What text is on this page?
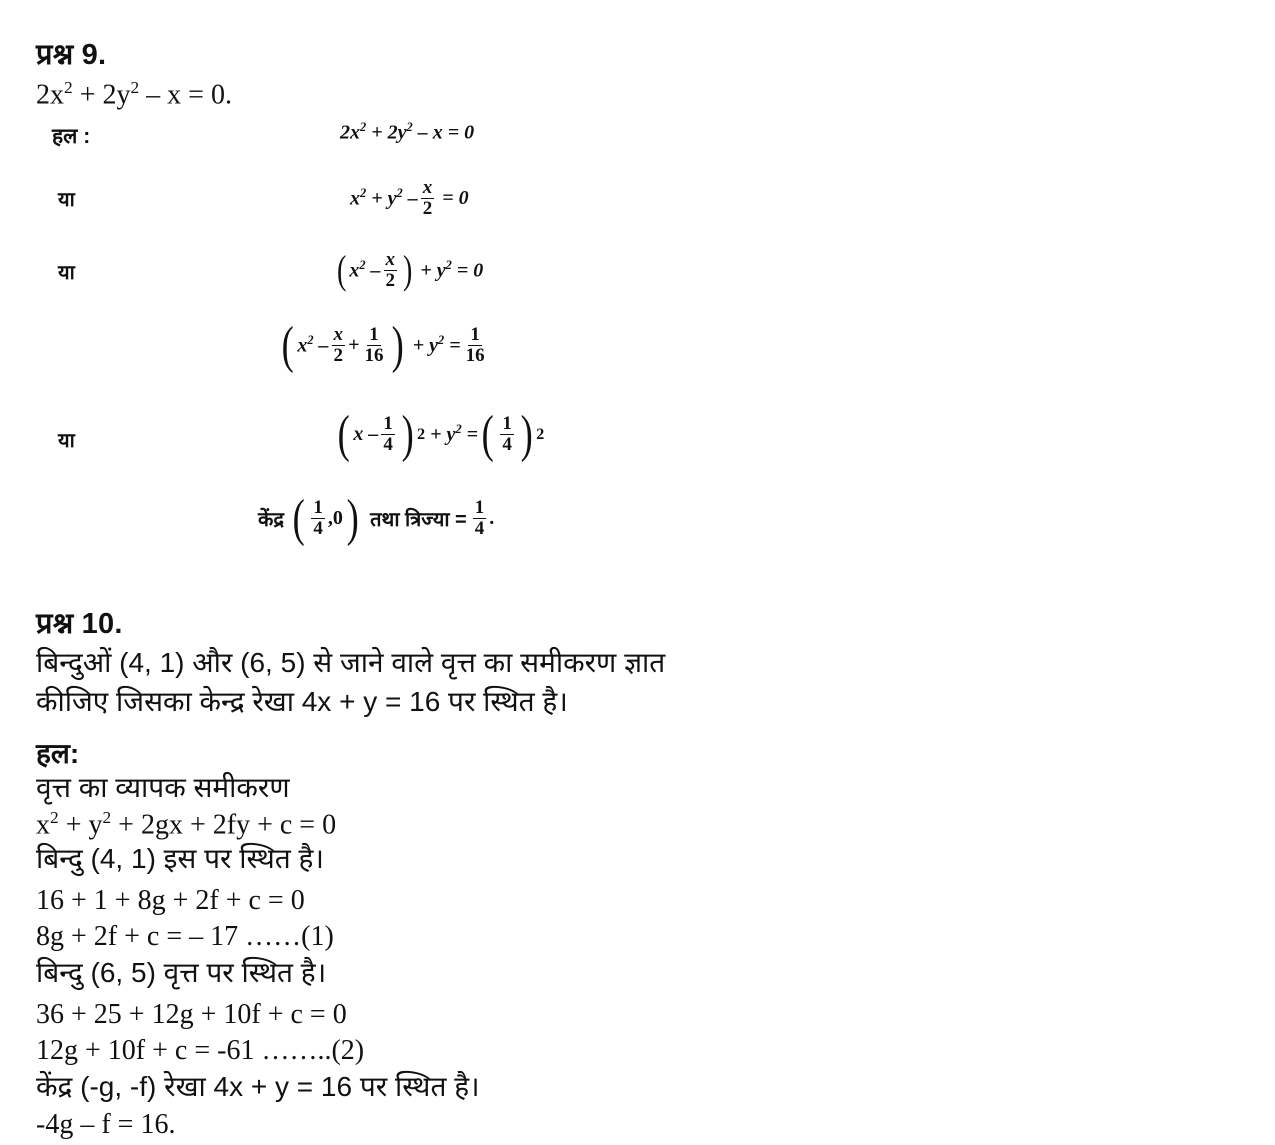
प्रश्न 9.
$2x^2 + 2y^2 - x = 0$.
हल :	$2x^2 + 2y^2 - x = 0$
या	$x^2 + y^2 - \frac{x}{2} = 0$
या	( $x^2 - \frac{x}{2}$ ) + $y^2 = 0$
( $x^2 - \frac{x}{2} + \frac{1}{16}$ ) + $y^2 = \frac{1}{16}$
या	( x – $\frac{1}{4}$ ) $2 + y^2$ = ( $\frac{1}{4}$ ) 2
केंद्र ( $\frac{1}{4}$ , 0 ) तथा त्रिज्या = $\frac{1}{4}$ .
प्रश्न 10.
बिन्दुओं (4, 1) और (6, 5) से जाने वाले वृत्त का समीकरण ज्ञात
कीजिए जिसका केन्द्र रेखा 4x + y = 16 पर स्थित है।
हल:
वृत्त का व्यापक समीकरण
$x^2 + y^2 + 2gx + 2fy + c = 0$
बिन्दु (4, 1) इस पर स्थित है।
16 + 1 + 8g + 2f + c = 0
8g + 2f + c = – 17 ……(1)
बिन्दु (6, 5) वृत्त पर स्थित है।
36 + 25 + 12g + 10f + c = 0
12g + 10f + c = -61 ……..(2)
केंद्र (-g, -f) रेखा 4x + y = 16 पर स्थित है।
-4g – f = 16.
